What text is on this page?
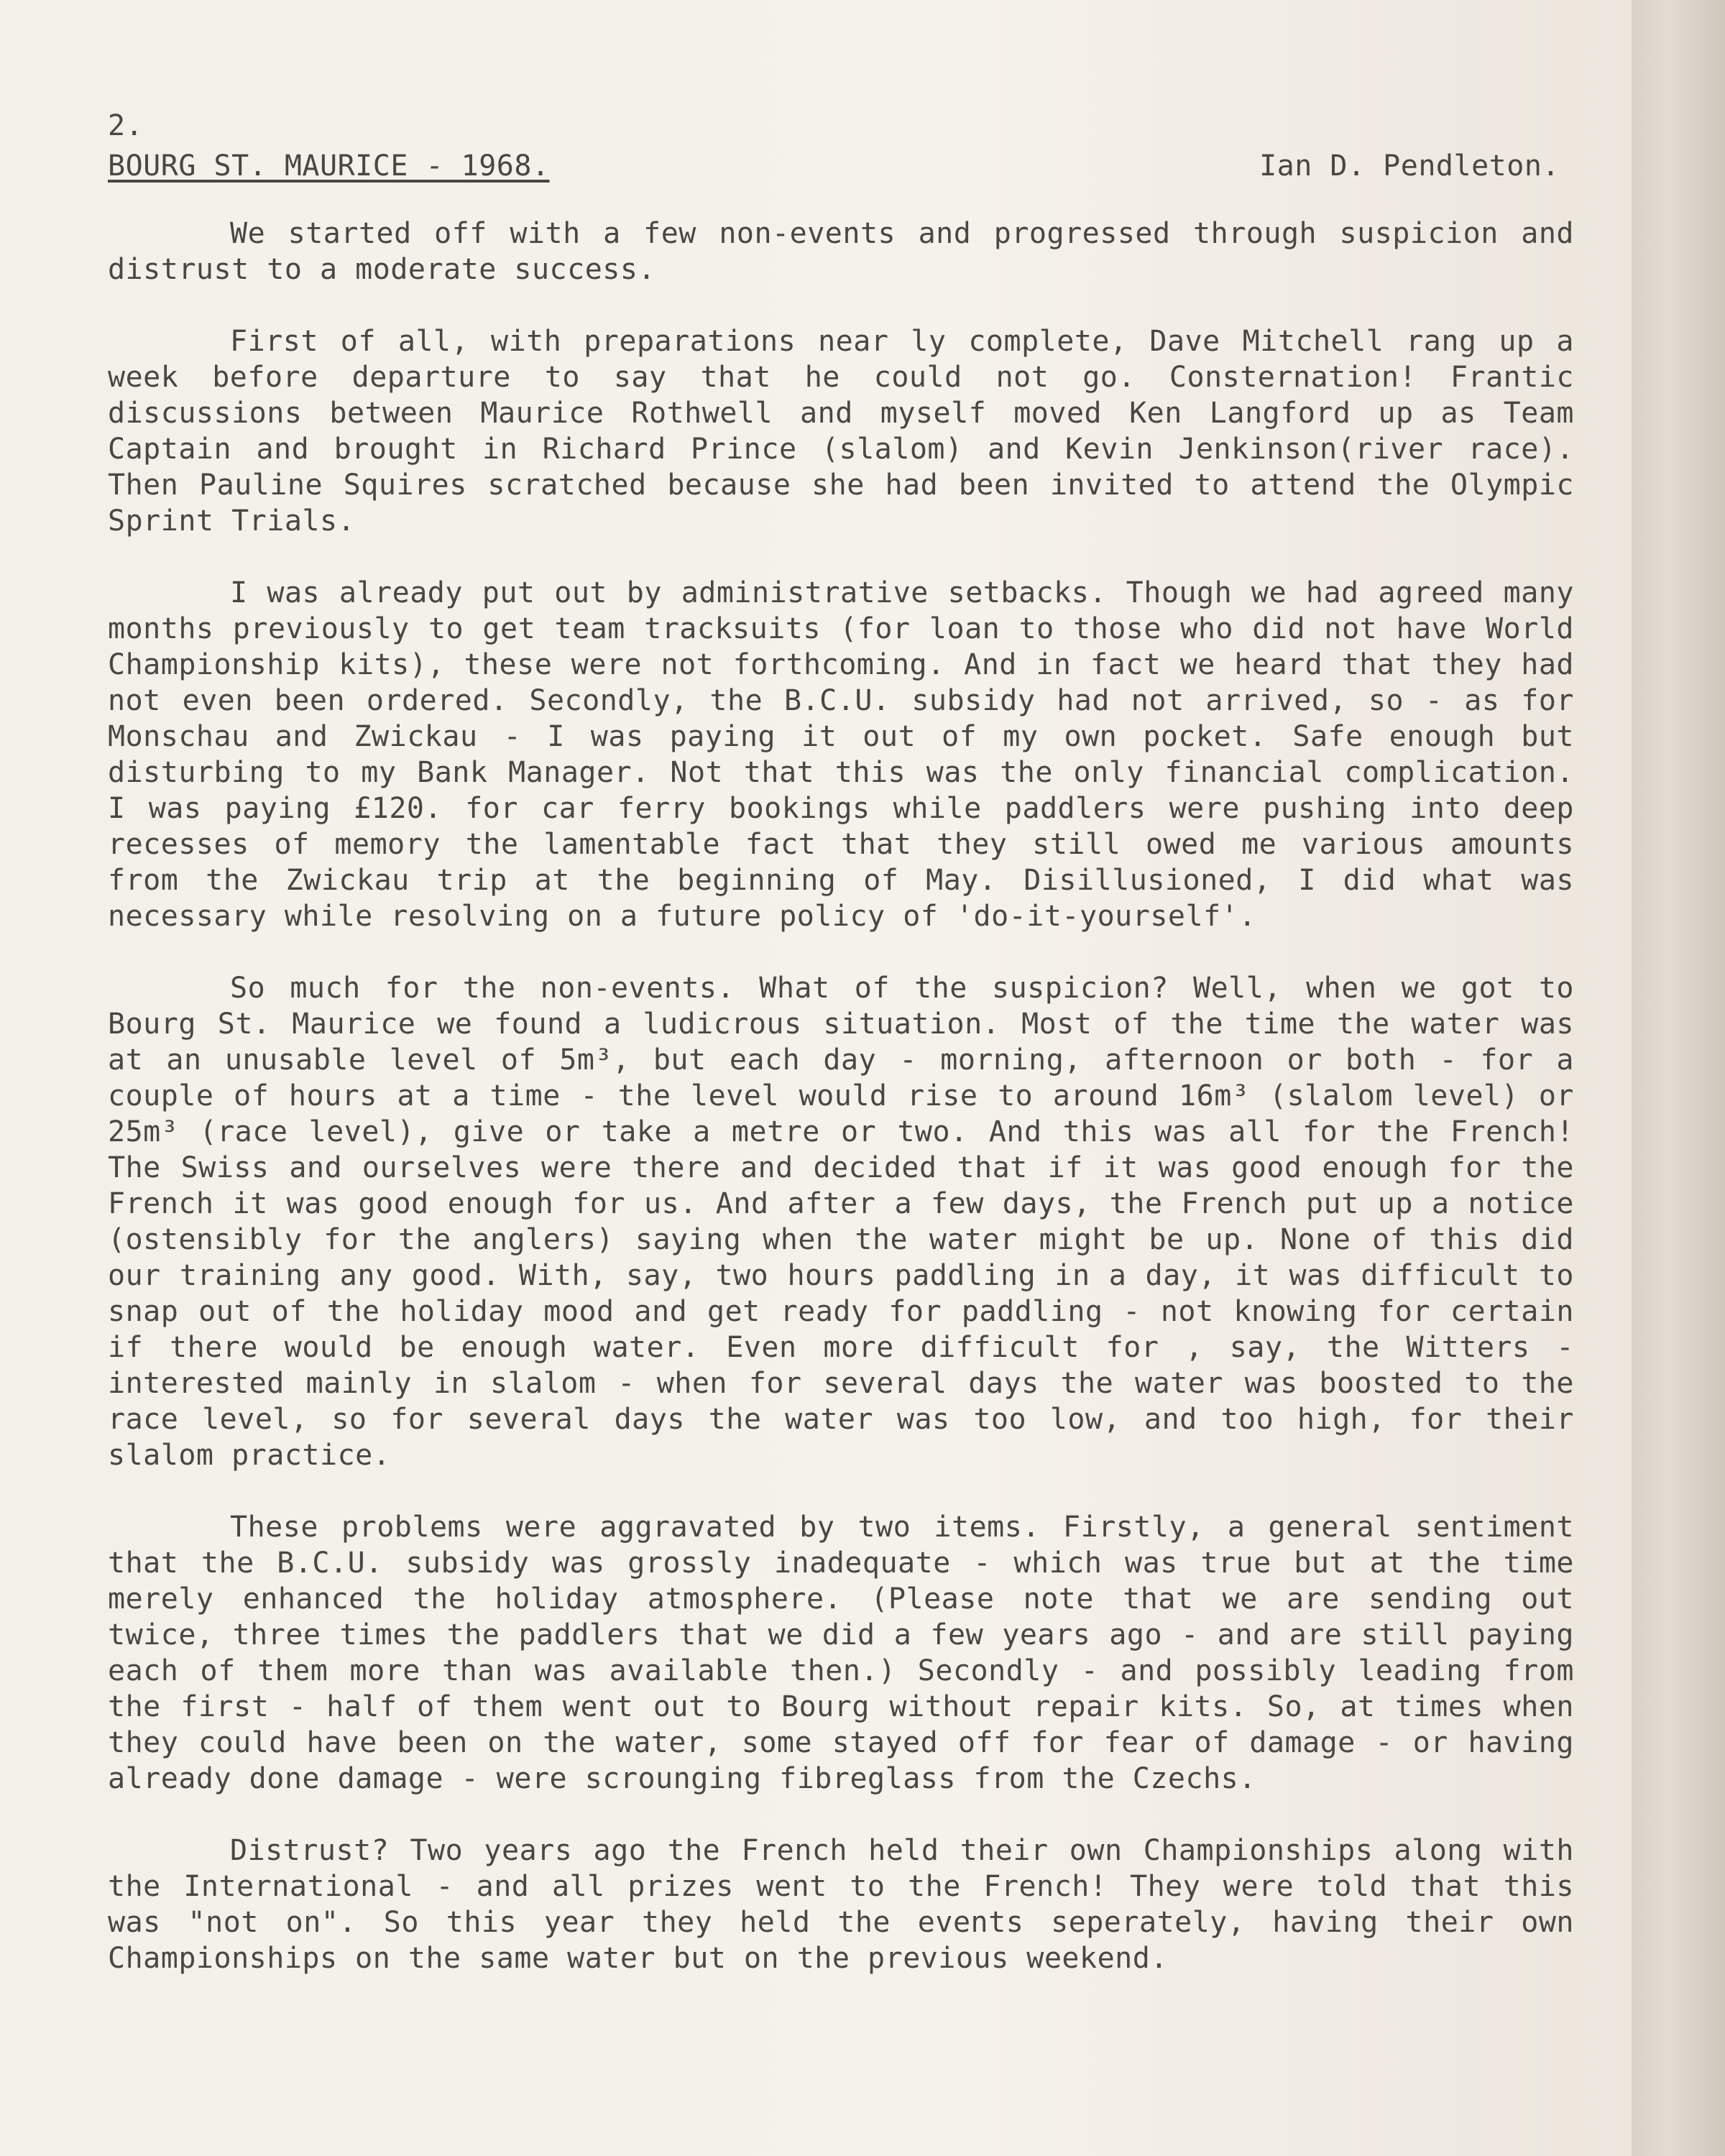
2.
BOURG ST. MAURICE - 1968.	Ian D. Pendleton.

We started off with a few non-events and progressed through suspicion and distrust to a moderate success.

First of all, with preparations near ly complete, Dave Mitchell rang up a week before departure to say that he could not go. Consternation! Frantic discussions between Maurice Rothwell and myself moved Ken Langford up as Team Captain and brought in Richard Prince (slalom) and Kevin Jenkinson(river race). Then Pauline Squires scratched because she had been invited to attend the Olympic Sprint Trials.

I was already put out by administrative setbacks. Though we had agreed many months previously to get team tracksuits (for loan to those who did not have World Championship kits), these were not forthcoming. And in fact we heard that they had not even been ordered. Secondly, the B.C.U. subsidy had not arrived, so - as for Monschau and Zwickau - I was paying it out of my own pocket. Safe enough but disturbing to my Bank Manager. Not that this was the only financial complication. I was paying £120. for car ferry bookings while paddlers were pushing into deep recesses of memory the lamentable fact that they still owed me various amounts from the Zwickau trip at the beginning of May. Disillusioned, I did what was necessary while resolving on a future policy of 'do-it-yourself'.

So much for the non-events. What of the suspicion? Well, when we got to Bourg St. Maurice we found a ludicrous situation. Most of the time the water was at an unusable level of 5m³, but each day - morning, afternoon or both - for a couple of hours at a time - the level would rise to around 16m³ (slalom level) or 25m³ (race level), give or take a metre or two. And this was all for the French! The Swiss and ourselves were there and decided that if it was good enough for the French it was good enough for us. And after a few days, the French put up a notice (ostensibly for the anglers) saying when the water might be up. None of this did our training any good. With, say, two hours paddling in a day, it was difficult to snap out of the holiday mood and get ready for paddling - not knowing for certain if there would be enough water. Even more difficult for , say, the Witters - interested mainly in slalom - when for several days the water was boosted to the race level, so for several days the water was too low, and too high, for their slalom practice.

These problems were aggravated by two items. Firstly, a general sentiment that the B.C.U. subsidy was grossly inadequate - which was true but at the time merely enhanced the holiday atmosphere. (Please note that we are sending out twice, three times the paddlers that we did a few years ago - and are still paying each of them more than was available then.) Secondly - and possibly leading from the first - half of them went out to Bourg without repair kits. So, at times when they could have been on the water, some stayed off for fear of damage - or having already done damage - were scrounging fibreglass from the Czechs.

Distrust? Two years ago the French held their own Championships along with the International - and all prizes went to the French! They were told that this was "not on". So this year they held the events seperately, having their own Championships on the same water but on the previous weekend.
